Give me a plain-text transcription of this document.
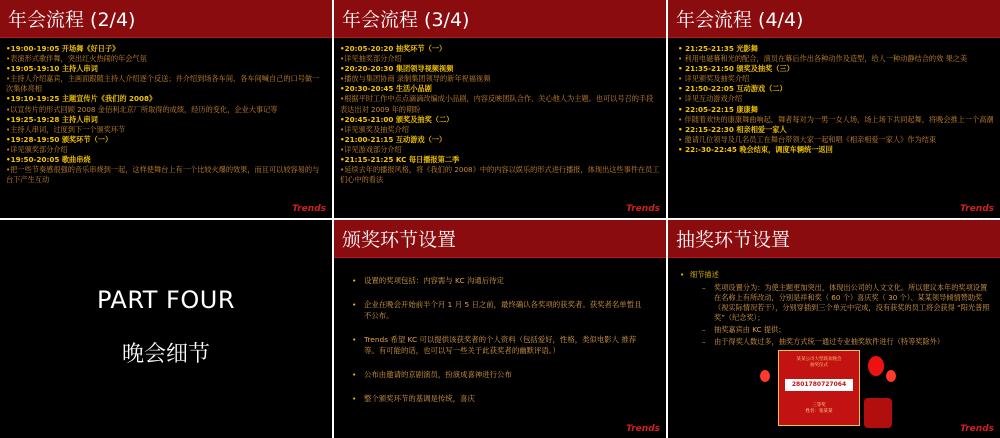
年会流程 (2/4)
•19:00-19:05 开场舞《好日子》
•表演形式歌伴舞，突出红火热闹的年会气氛
•19:05-19:10 主持人串词
•主持人介绍嘉宾，主画面跟随主持人介绍逐个反送；并介绍到场各车间、各车间喊自己的口号做一次集体亮相
•19:10-19:25 主题宣传片《我们的 2008》
•以宣传片的形式回顾 2008 金佰利北京厂所取得的成绩，经历的变化，企业大事记等
•19:25-19:28 主持人串词
•主持人串词，过度到下一个颁奖环节
•19:28-19:50 颁奖环节（一）
•详见颁奖部分介绍
•19:50-20:05 歌曲串烧
•把一些节奏感很强的音乐串烧到一起，这样使舞台上有一个比较火爆的效果，而且可以较容易的与台下产生互动
Trends
年会流程 (3/4)
•20:05-20:20 抽奖环节（一）
•详见抽奖部分介绍
•20:20-20:30 集团领导视频视频
•播放与集团协商 录制集团领导的新年祝福视频
•20:30-20:45 生活小品剧
•根据平时工作中点点滴滴改编成小品剧，内容反映团队合作、关心他人为主题。也可以号召的手段表达出对 2009 年的期盼
•20:45-21:00 颁奖及抽奖（二）
•详见颁奖及抽奖介绍
•21:00-21:15 互动游戏（一）
•详见游戏部分介绍
•21:15-21:25 KC 每日播报第二季
•延续去年的播报风格，将《我们的 2008》中的内容以娱乐的形式进行播报，体现出这些事件在员工们心中的看法
Trends
年会流程 (4/4)
• 21:25-21:35 光影舞
• 利用电磁幕和光的配合，演员在幕后作出各种动作及造型，给人一种动静结合的效 果之美
• 21:35-21:50 颁奖及抽奖（三）
• 详见颁奖及抽奖介绍
• 21:50-22:05 互动游戏（二）
• 详见互动游戏介绍
• 22:05-22:15 康康舞
• 伴随着欢快的康康舞曲响起，舞者每对为一男一女人场，场上场下共同起舞，将晚会推上一个高潮
• 22:15-22:30 相亲相爱一家人
• 邀请几位领导及几名员工在舞台带领大家一起和唱《相亲相爱一家人》作为结束
• 22:-30-22:45 晚会结束，调度车辆统一返回
Trends
PART FOUR
晚会细节
颁奖环节设置
• 设置的奖项包括：内容需与 KC 沟通后待定
• 企业在晚会开始前半个月 1 月 5 日之前，最终确认各奖项的获奖者。获奖者名单暂且不公布。
• Trends 希望 KC 可以提供该获奖者的个人资料（包括爱好，性格，类似电影人 推荐等。有可能的话，也可以写一些关于此获奖者的幽默评语。）
• 公布由邀请的京剧演员，扮演成喜神进行公布
• 整个颁奖环节的基调是传统，喜庆
Trends
抽奖环节设置
• 细节描述
– 奖项设置分为：为使主题更加突出，体现出公司的人文文化。所以建议本年的奖项设置在名称上有所改动，分别是祥和奖（ 60 个）喜庆奖（ 30 个）、某某领导倾情赞助奖（视实际情况若干），分别穿插到三个单元中完成，没有获奖的员工将会获得 “阳光普照奖”（纪念奖）；
– 抽奖嘉宾由 KC 提供；
– 由于得奖人数过多，抽奖方式统一通过专业抽奖软件进行（特等奖除外）
某某公司大型联欢晚会
抽奖仪式
2801780727064
三等奖
姓名：张某某
Trends
